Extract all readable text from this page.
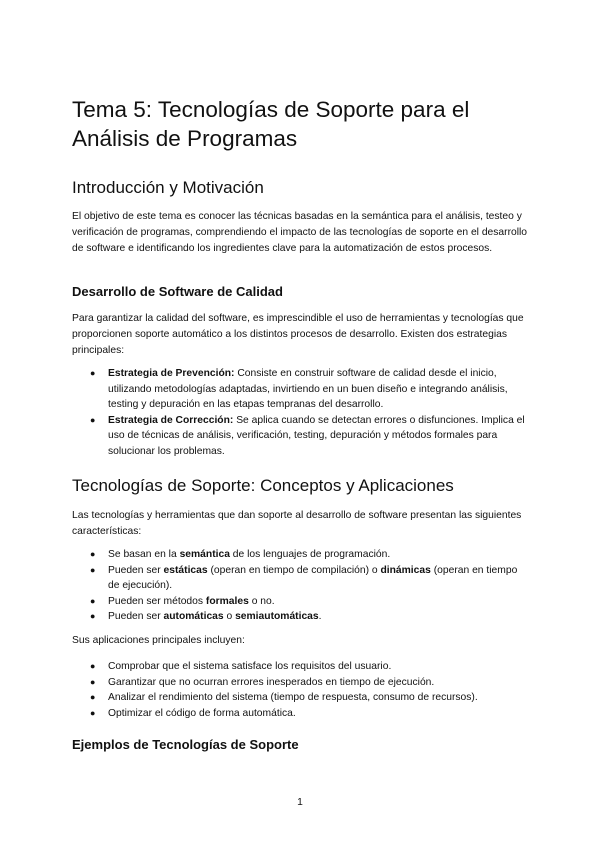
Tema 5: Tecnologías de Soporte para el Análisis de Programas
Introducción y Motivación

El objetivo de este tema es conocer las técnicas basadas en la semántica para el análisis, testeo y verificación de programas, comprendiendo el impacto de las tecnologías de soporte en el desarrollo de software e identificando los ingredientes clave para la automatización de estos procesos.

Desarrollo de Software de Calidad

Para garantizar la calidad del software, es imprescindible el uso de herramientas y tecnologías que proporcionen soporte automático a los distintos procesos de desarrollo. Existen dos estrategias principales:

● Estrategia de Prevención: Consiste en construir software de calidad desde el inicio, utilizando metodologías adaptadas, invirtiendo en un buen diseño e integrando análisis, testing y depuración en las etapas tempranas del desarrollo.
● Estrategia de Corrección: Se aplica cuando se detectan errores o disfunciones. Implica el uso de técnicas de análisis, verificación, testing, depuración y métodos formales para solucionar los problemas.
Tecnologías de Soporte: Conceptos y Aplicaciones

Las tecnologías y herramientas que dan soporte al desarrollo de software presentan las siguientes características:

● Se basan en la semántica de los lenguajes de programación.
● Pueden ser estáticas (operan en tiempo de compilación) o dinámicas (operan en tiempo de ejecución).
● Pueden ser métodos formales o no.
● Pueden ser automáticas o semiautomáticas.

Sus aplicaciones principales incluyen:

● Comprobar que el sistema satisface los requisitos del usuario.
● Garantizar que no ocurran errores inesperados en tiempo de ejecución.
● Analizar el rendimiento del sistema (tiempo de respuesta, consumo de recursos).
● Optimizar el código de forma automática.
Ejemplos de Tecnologías de Soporte
1
